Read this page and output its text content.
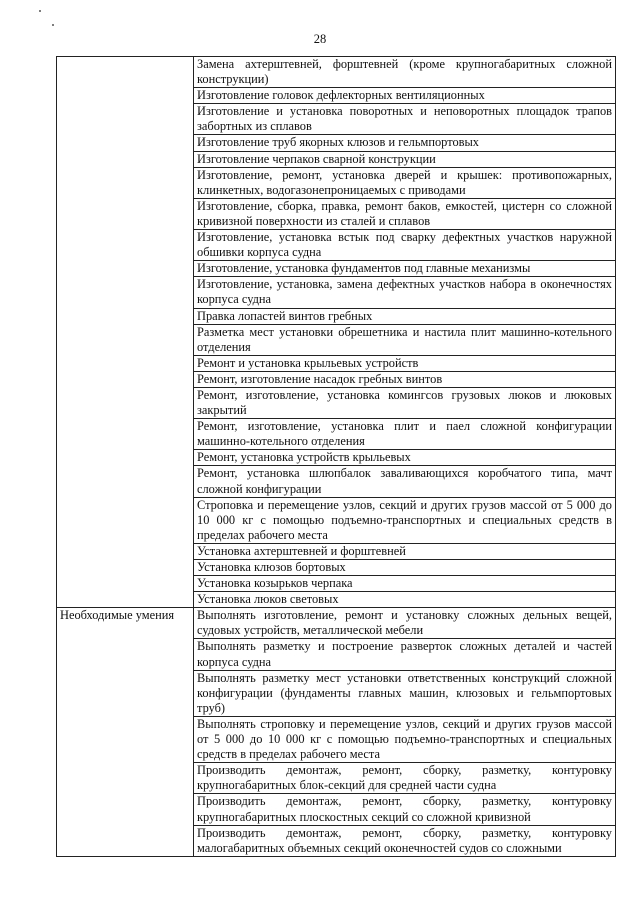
28
	Замена ахтерштевней, форштевней (кроме крупногабаритных сложной конструкции)
	Изготовление головок дефлекторных вентиляционных
	Изготовление и установка поворотных и неповоротных площадок трапов забортных из сплавов
	Изготовление труб якорных клюзов и гельмпортовых
	Изготовление черпаков сварной конструкции
	Изготовление, ремонт, установка дверей и крышек: противопожарных, клинкетных, водогазонепроницаемых с приводами
	Изготовление, сборка, правка, ремонт баков, емкостей, цистерн со сложной кривизной поверхности из сталей и сплавов
	Изготовление, установка встык под сварку дефектных участков наружной обшивки корпуса судна
	Изготовление, установка фундаментов под главные механизмы
	Изготовление, установка, замена дефектных участков набора в оконечностях корпуса судна
	Правка лопастей винтов гребных
	Разметка мест установки обрешетника и настила плит машинно-котельного отделения
	Ремонт и установка крыльевых устройств
	Ремонт, изготовление насадок гребных винтов
	Ремонт, изготовление, установка комингсов грузовых люков и люковых закрытий
	Ремонт, изготовление, установка плит и паел сложной конфигурации машинно-котельного отделения
	Ремонт, установка устройств крыльевых
	Ремонт, установка шлюпбалок заваливающихся коробчатого типа, мачт сложной конфигурации
	Строповка и перемещение узлов, секций и других грузов массой от 5 000 до 10 000 кг с помощью подъемно-транспортных и специальных средств в пределах рабочего места
	Установка ахтерштевней и форштевней
	Установка клюзов бортовых
	Установка козырьков черпака
	Установка люков световых
Необходимые умения	Выполнять изготовление, ремонт и установку сложных дельных вещей, судовых устройств, металлической мебели
	Выполнять разметку и построение разверток сложных деталей и частей корпуса судна
	Выполнять разметку мест установки ответственных конструкций сложной конфигурации (фундаменты главных машин, клюзовых и гельмпортовых труб)
	Выполнять строповку и перемещение узлов, секций и других грузов массой от 5 000 до 10 000 кг с помощью подъемно-транспортных и специальных средств в пределах рабочего места
	Производить демонтаж, ремонт, сборку, разметку, контуровку крупногабаритных блок-секций для средней части судна
	Производить демонтаж, ремонт, сборку, разметку, контуровку крупногабаритных плоскостных секций со сложной кривизной
	Производить демонтаж, ремонт, сборку, разметку, контуровку малогабаритных объемных секций оконечностей судов со сложными
